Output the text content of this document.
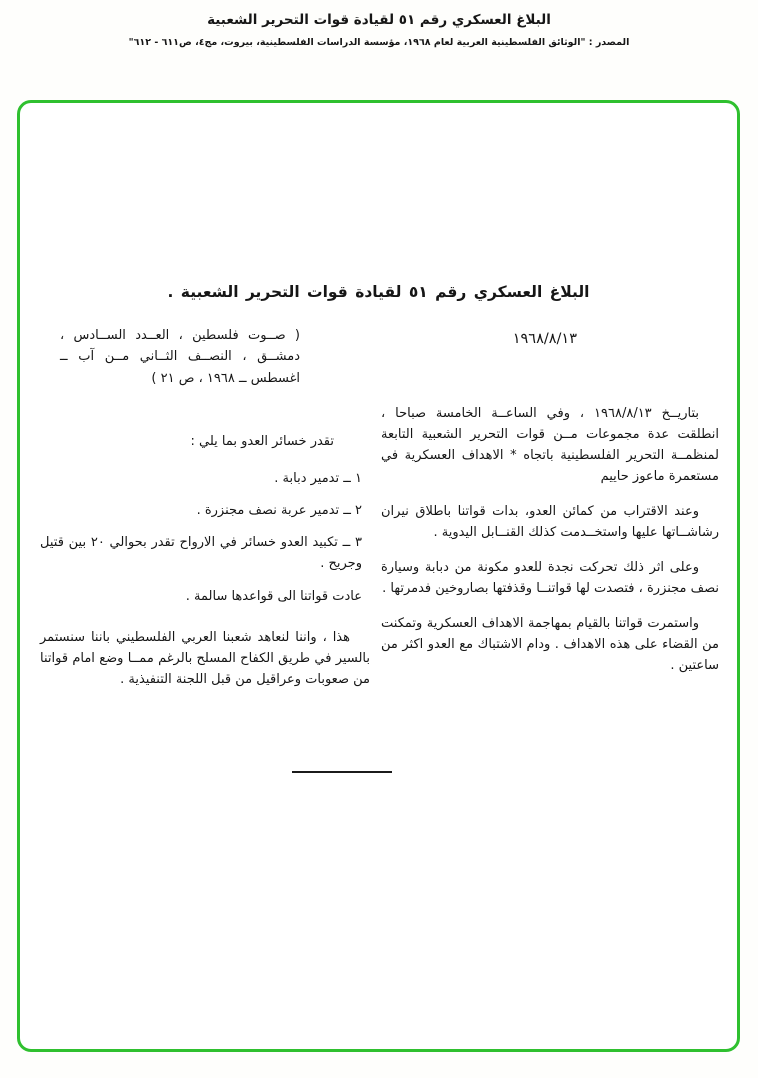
البلاغ العسكري رقم ٥١ لقيادة قوات التحرير الشعبية
المصدر : "الوثائق الفلسطينية العربية لعام ١٩٦٨، مؤسسة الدراسات الفلسطينية، بيروت، مج٤، ص٦١١ - ٦١٢"
البلاغ العسكري رقم ٥١ لقيادة قوات التحرير الشعبية .
١٩٦٨/٨/١٣
( صــوت فلسطين ، العــدد الســادس ، دمشــق ، النصــف الثــاني مــن آب ــ اغسطس ــ ١٩٦٨ ، ص ٢١ )

بتاريــخ ١٩٦٨/٨/١٣ ، وفي الساعــة الخامسة صباحا ، انطلقت عدة مجموعات مــن قوات التحرير الشعبية التابعة لمنظمــة التحرير الفلسطينية باتجاه * الاهداف العسكرية في مستعمرة ماعوز حاييم

وعند الاقتراب من كمائن العدو، بدات قواتنا باطلاق نيران رشاشــاتها عليها واستخــدمت كذلك القنــابل اليدوية .

وعلى اثر ذلك تحركت نجدة للعدو مكونة من دبابة وسيارة نصف مجنزرة ، فتصدت لها قواتنــا وقذفتها بصاروخين فدمرتها .

واستمرت قواتنا بالقيام بمهاجمة الاهداف العسكرية وتمكنت من القضاء على هذه الاهداف . ودام الاشتباك مع العدو اكثر من ساعتين .

تقدر خسائر العدو بما يلي :

١ ــ تدمير دبابة .

٢ ــ تدمير عربة نصف مجنزرة .

٣ ــ تكبيد العدو خسائر في الارواح تقدر بحوالي ٢٠ بين قتيل وجريح .

عادت قواتنا الى قواعدها سالمة .

هذا ، واننا لنعاهد شعبنا العربي الفلسطيني باننا سنستمر بالسير في طريق الكفاح المسلح بالرغم ممــا وضع امام قواتنا من صعوبات وعراقيل من قبل اللجنة التنفيذية .
